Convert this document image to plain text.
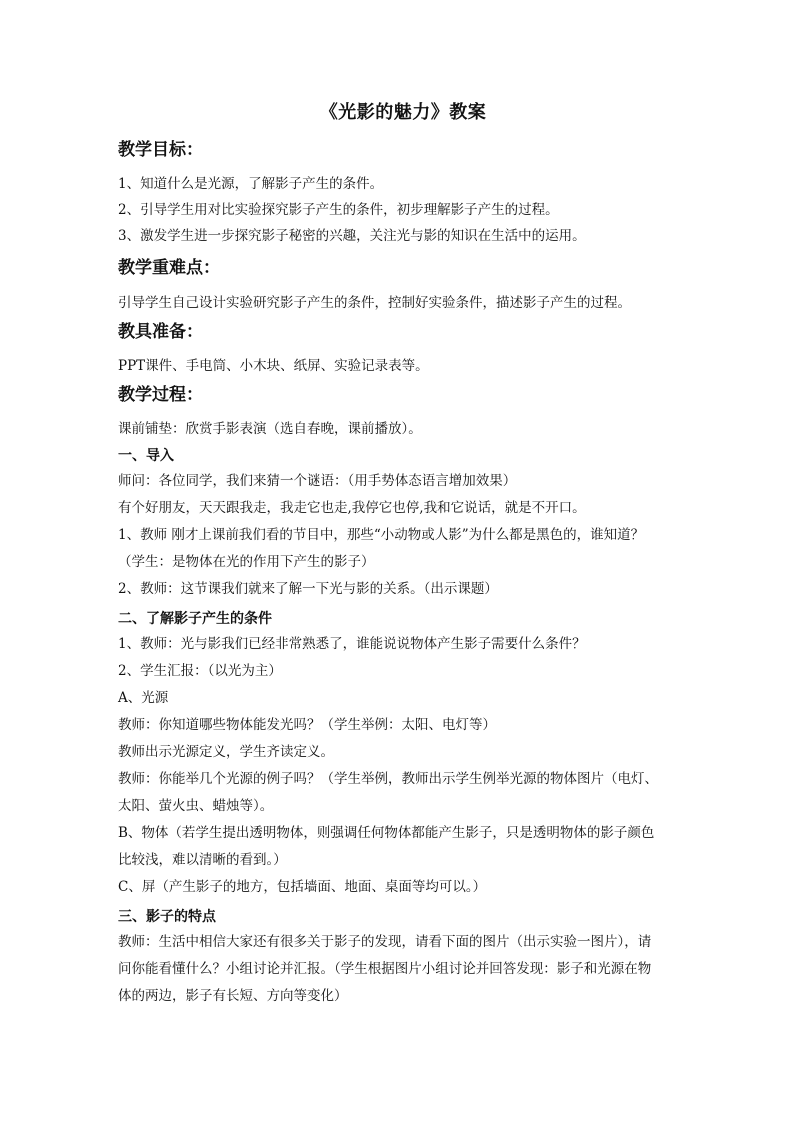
《光影的魅力》教案
教学目标：

1、知道什么是光源，了解影子产生的条件。

2、引导学生用对比实验探究影子产生的条件，初步理解影子产生的过程。

3、激发学生进一步探究影子秘密的兴趣，关注光与影的知识在生活中的运用。

教学重难点：

引导学生自己设计实验研究影子产生的条件，控制好实验条件，描述影子产生的过程。

教具准备：

PPT课件、手电筒、小木块、纸屏、实验记录表等。

教学过程：

课前铺垫：欣赏手影表演（选自春晚，课前播放）。

一、导入

师问：各位同学，我们来猜一个谜语：（用手势体态语言增加效果）

有个好朋友，天天跟我走，我走它也走,我停它也停,我和它说话，就是不开口。

1、教师 刚才上课前我们看的节目中，那些“小动物或人影”为什么都是黑色的，谁知道？

（学生：是物体在光的作用下产生的影子）

2、教师：这节课我们就来了解一下光与影的关系。（出示课题）

二、了解影子产生的条件

1、教师：光与影我们已经非常熟悉了，谁能说说物体产生影子需要什么条件？

2、学生汇报：（以光为主）

A、光源

教师：你知道哪些物体能发光吗？（学生举例：太阳、电灯等）

教师出示光源定义，学生齐读定义。

教师：你能举几个光源的例子吗？（学生举例，教师出示学生例举光源的物体图片（电灯、

太阳、萤火虫、蜡烛等）。

B、物体（若学生提出透明物体，则强调任何物体都能产生影子，只是透明物体的影子颜色

比较浅，难以清晰的看到。）

C、屏（产生影子的地方，包括墙面、地面、桌面等均可以。）

三、影子的特点

教师：生活中相信大家还有很多关于影子的发现，请看下面的图片（出示实验一图片），请

问你能看懂什么？小组讨论并汇报。（学生根据图片小组讨论并回答发现：影子和光源在物

体的两边，影子有长短、方向等变化）
